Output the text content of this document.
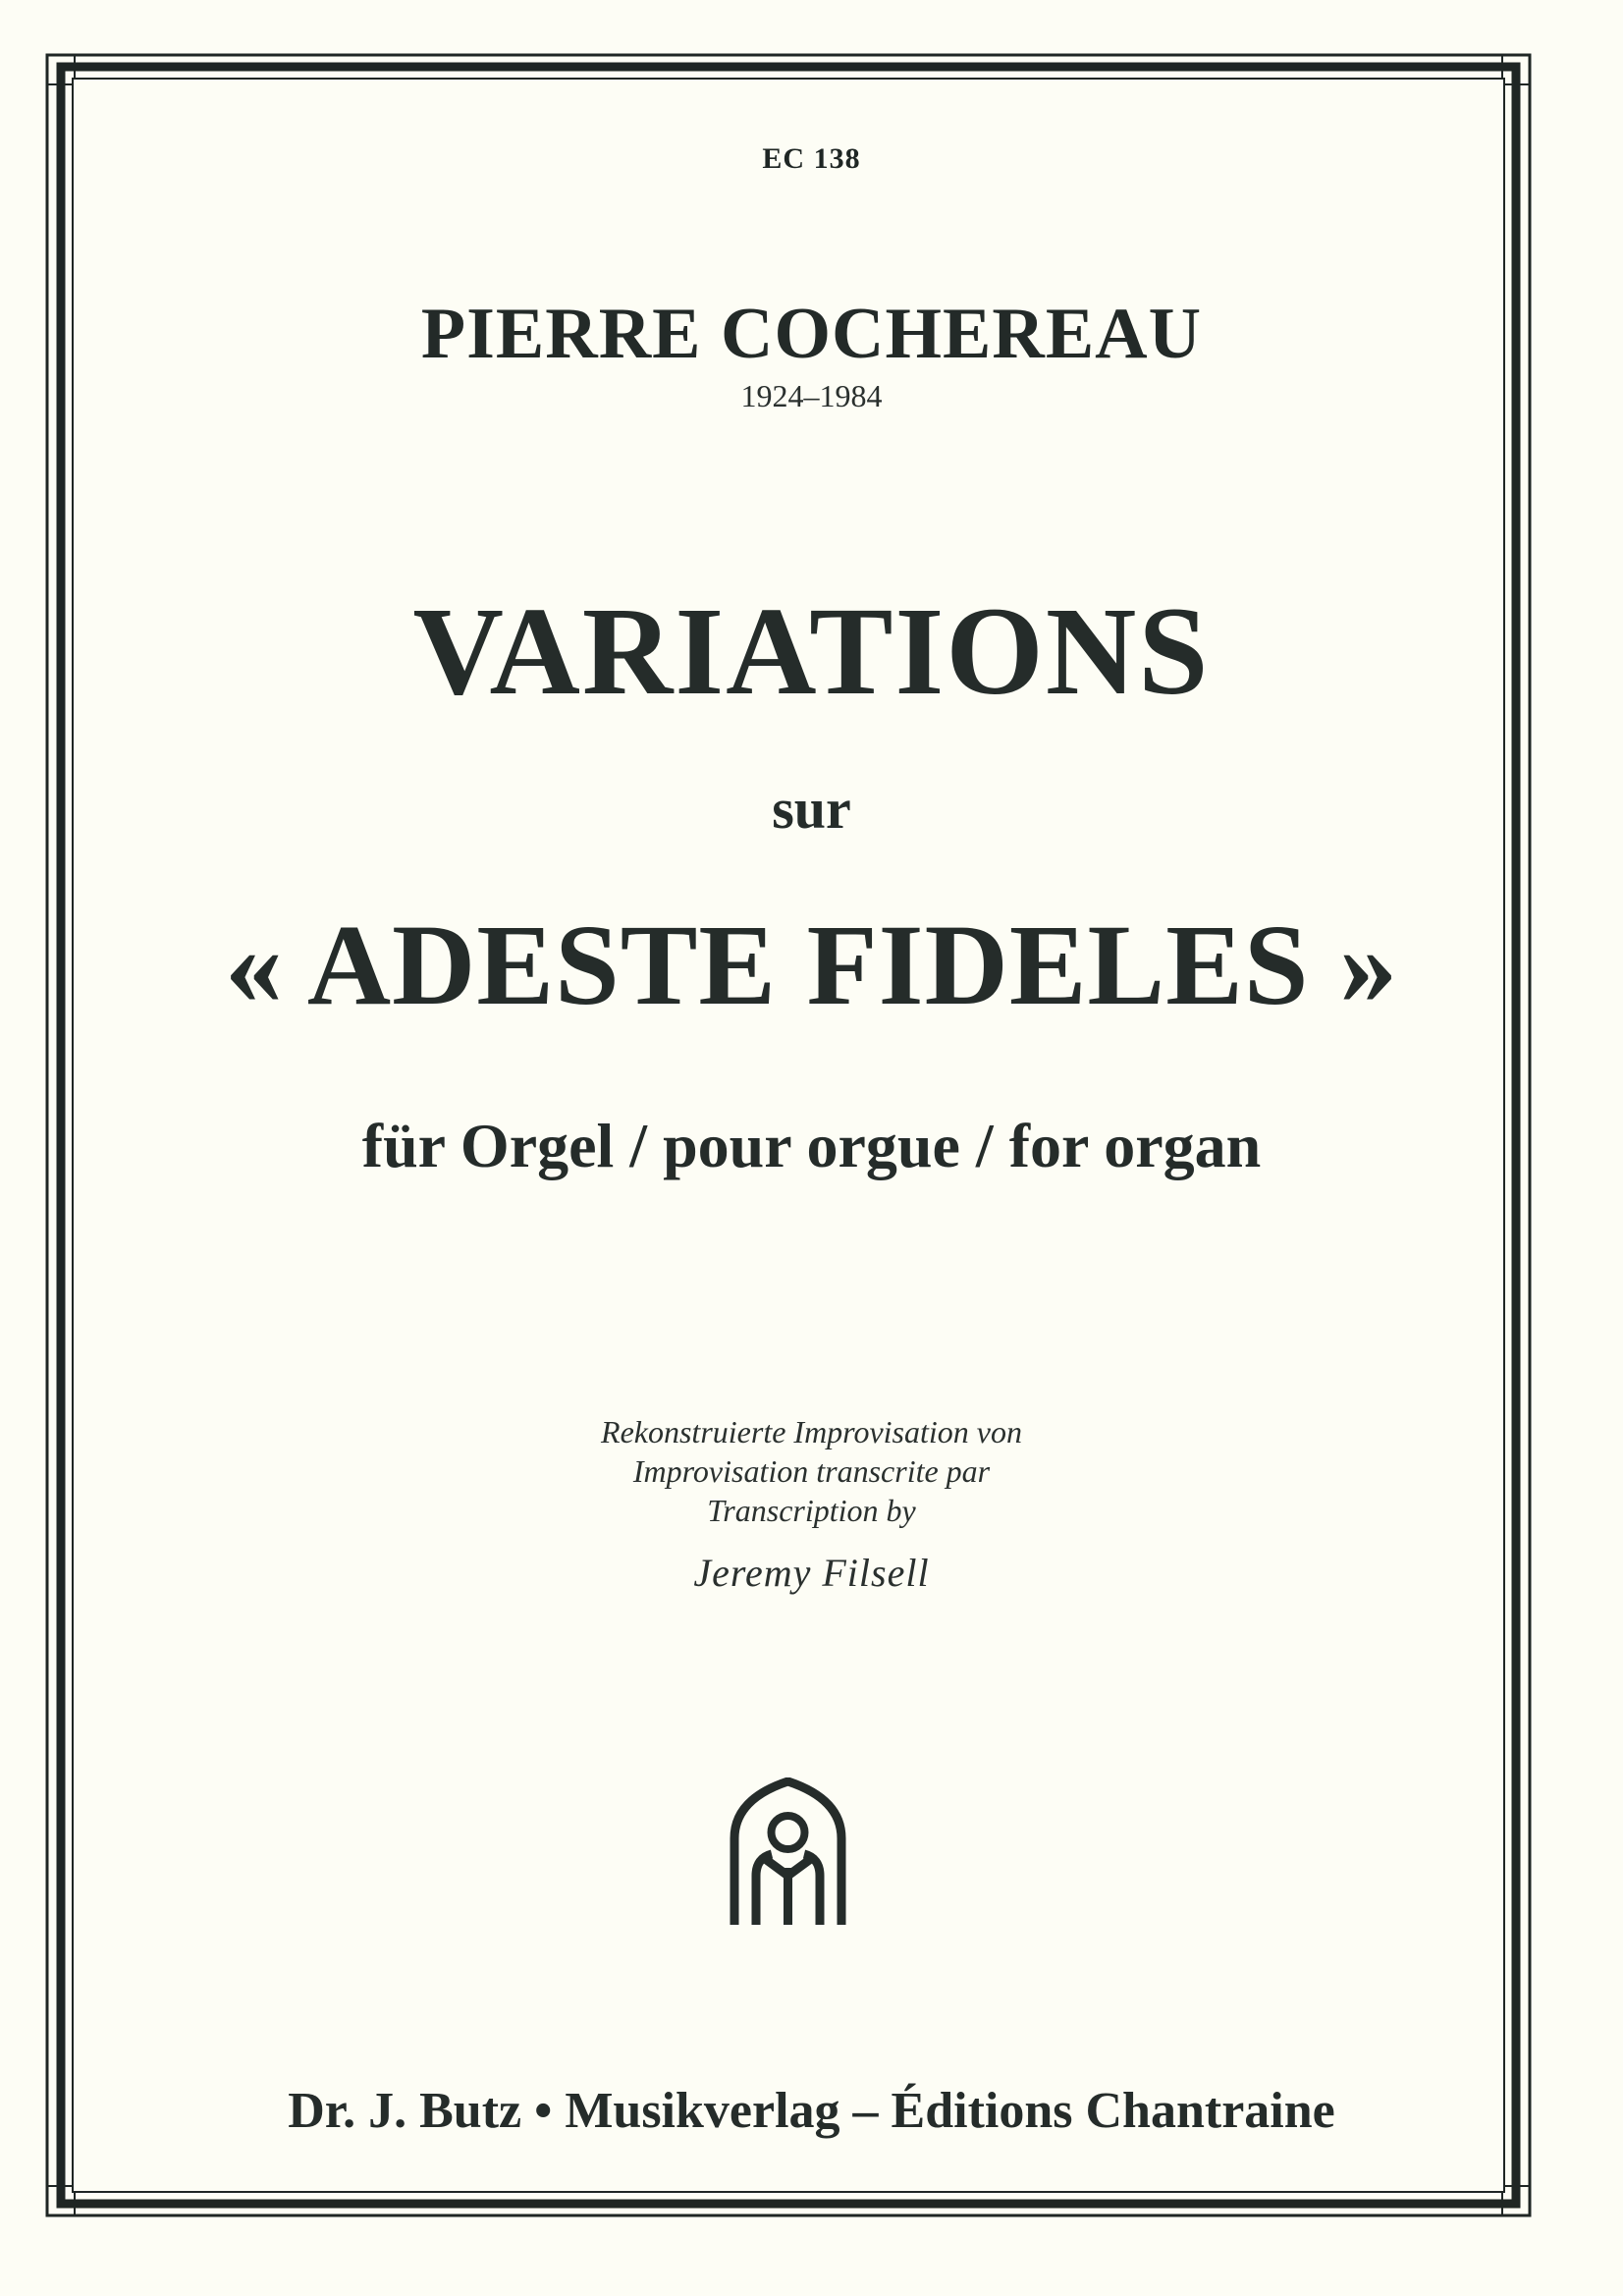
EC 138

PIERRE COCHEREAU

1924–1984

VARIATIONS

sur

« ADESTE FIDELES »

für Orgel / pour orgue / for organ

Rekonstruierte Improvisation von

Improvisation transcrite par

Transcription by

Jeremy Filsell

Dr. J. Butz • Musikverlag – Éditions Chantraine
